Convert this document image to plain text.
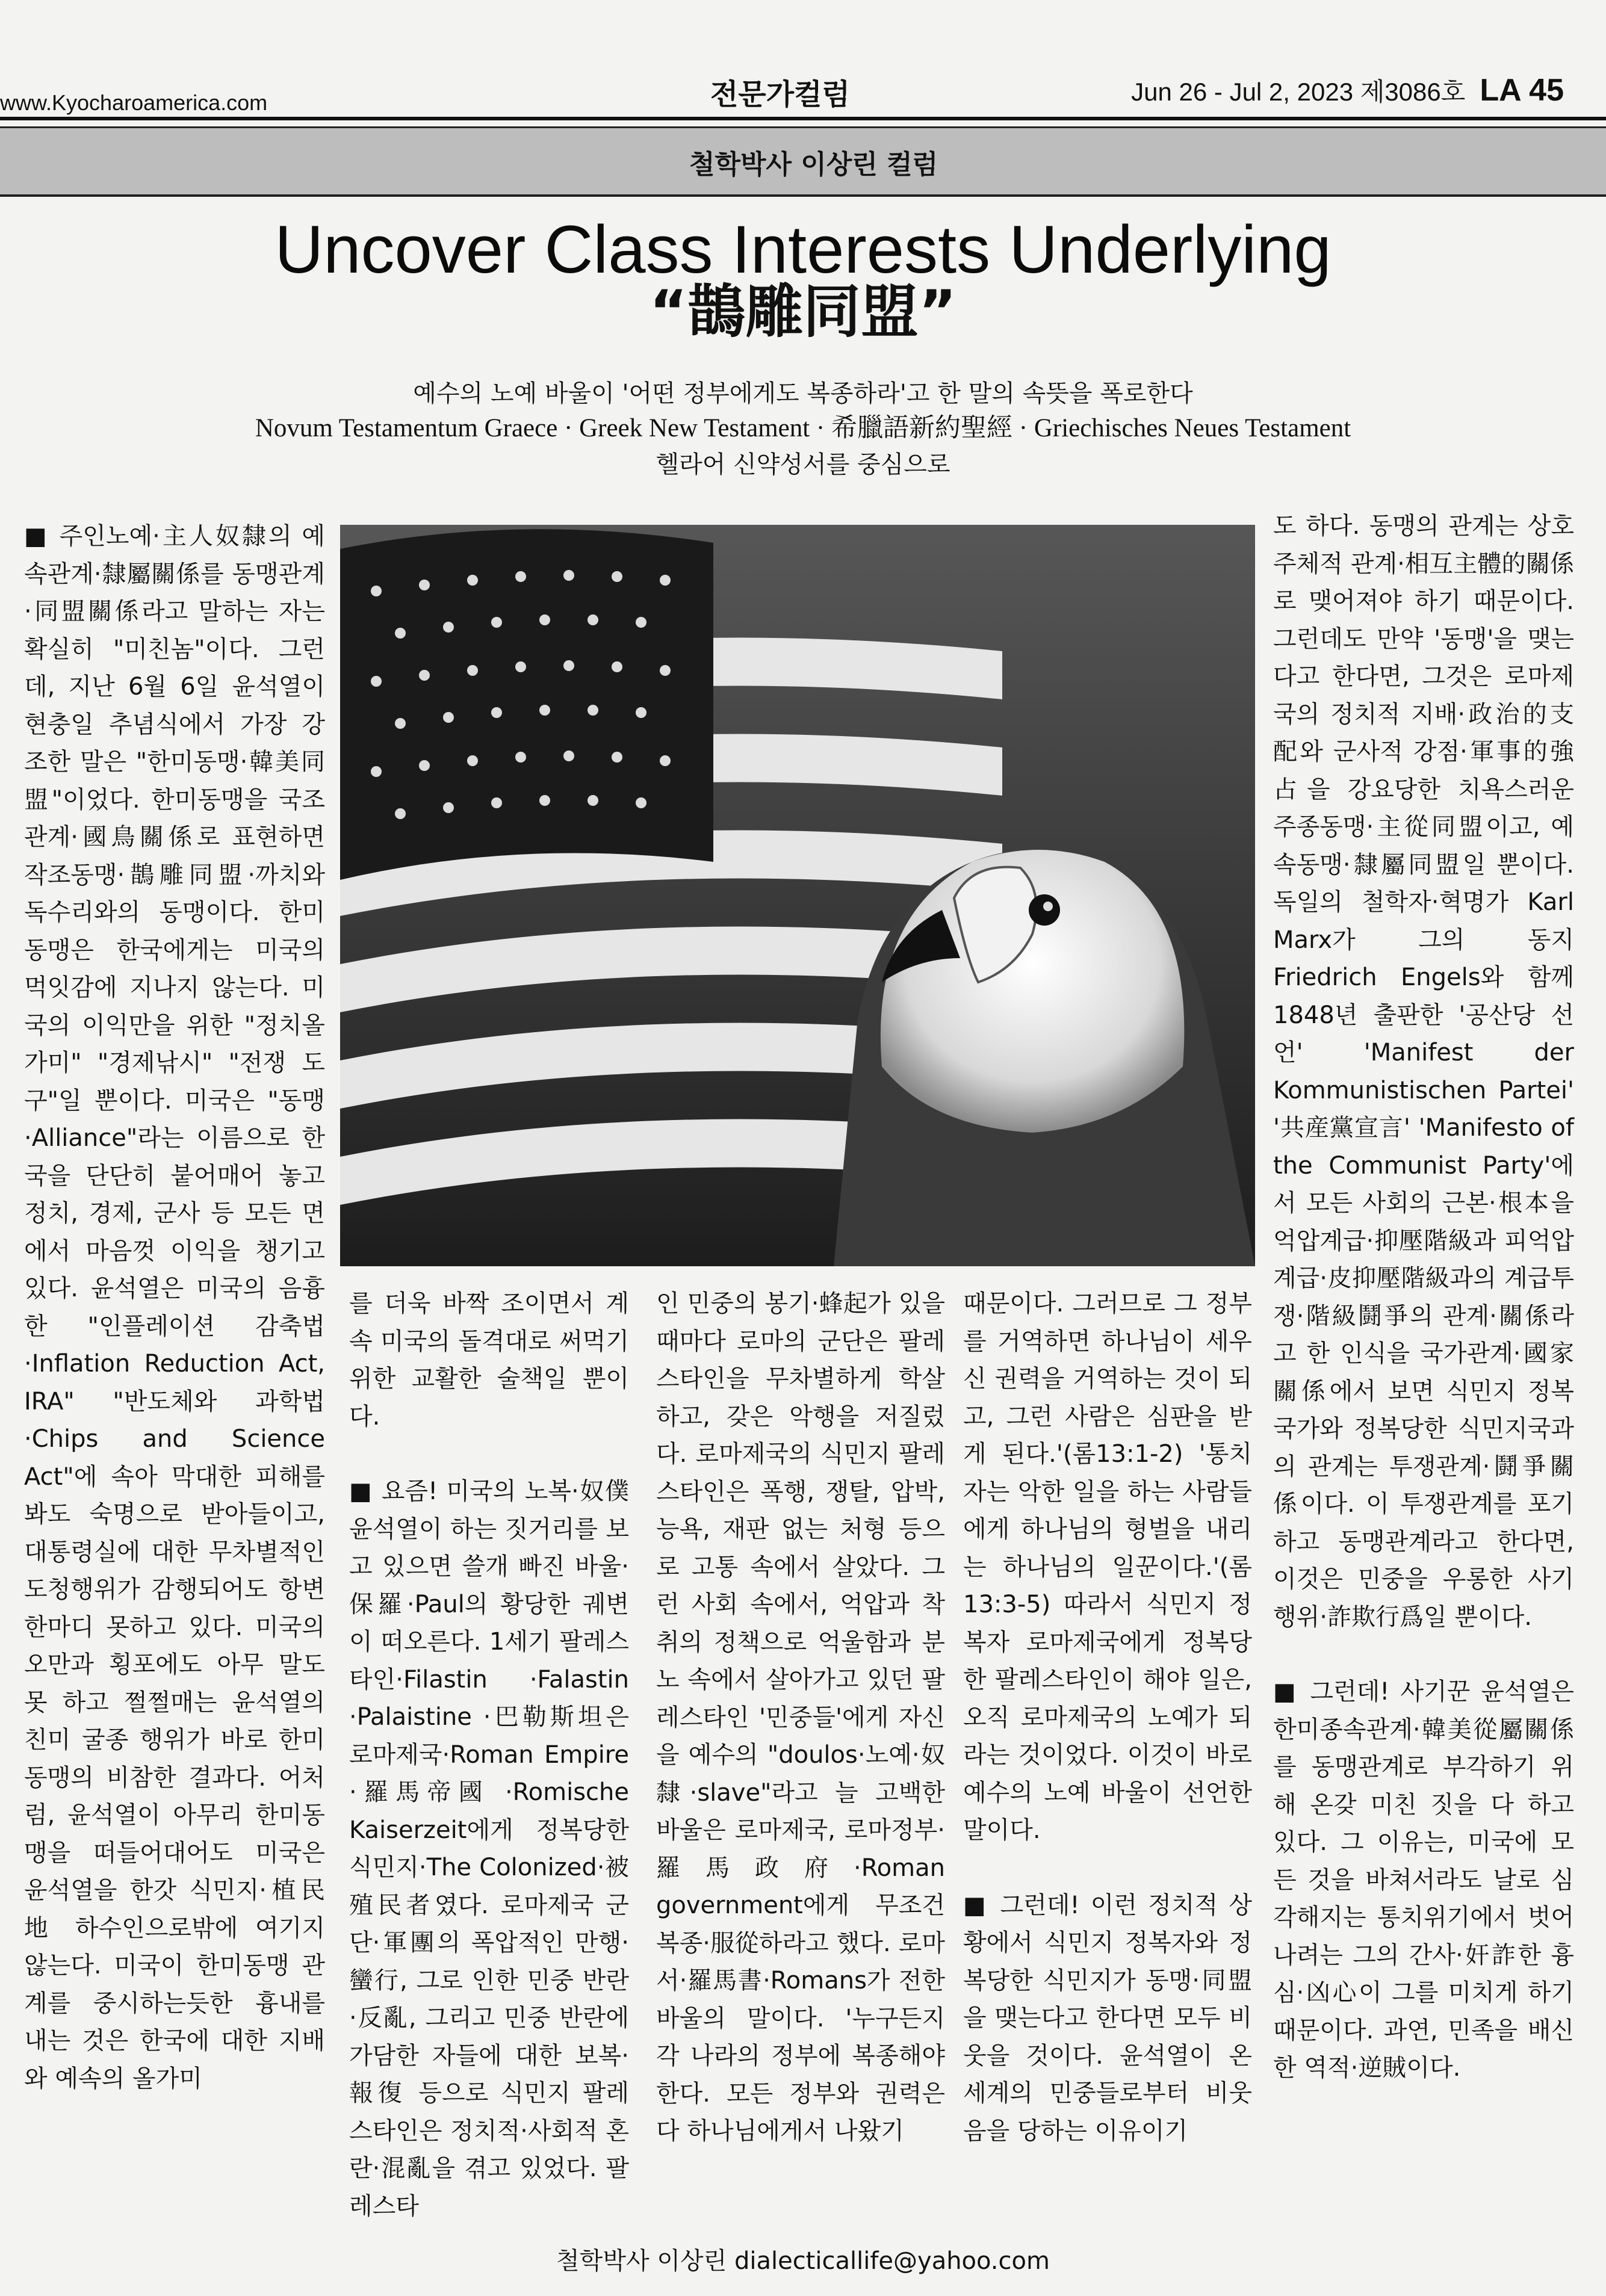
www.Kyocharoamerica.com	전문가컬럼	Jun 26 - Jul 2, 2023 제3086호 LA 45
철학박사 이상린 컬럼
Uncover Class Interests Underlying
“鵲雕同盟”
예수의 노예 바울이 '어떤 정부에게도 복종하라'고 한 말의 속뜻을 폭로한다
Novum Testamentum Graece · Greek New Testament · 希臘語新約聖經 · Griechisches Neues Testament
헬라어 신약성서를 중심으로

■ 주인노예·主人奴隸의 예속관계·隸屬關係를 동맹관계·同盟關係라고 말하는 자는 확실히 "미친놈"이다. 그런데, 지난 6월 6일 윤석열이 현충일 추념식에서 가장 강조한 말은 "한미동맹·韓美同盟"이었다. 한미동맹을 국조관계·國鳥關係로 표현하면 작조동맹·鵲雕同盟·까치와 독수리와의 동맹이다. 한미동맹은 한국에게는 미국의 먹잇감에 지나지 않는다. 미국의 이익만을 위한 "정치올가미" "경제낚시" "전쟁 도구"일 뿐이다. 미국은 "동맹·Alliance"라는 이름으로 한국을 단단히 붙어매어 놓고 정치, 경제, 군사 등 모든 면에서 마음껏 이익을 챙기고 있다. 윤석열은 미국의 음흉한 "인플레이션 감축법·Inflation Reduction Act, IRA" "반도체와 과학법·Chips and Science Act"에 속아 막대한 피해를 봐도 숙명으로 받아들이고, 대통령실에 대한 무차별적인 도청행위가 감행되어도 항변 한마디 못하고 있다. 미국의 오만과 횡포에도 아무 말도 못 하고 쩔쩔매는 윤석열의 친미 굴종 행위가 바로 한미동맹의 비참한 결과다. 어처럼, 윤석열이 아무리 한미동맹을 떠들어대어도 미국은 윤석열을 한갓 식민지·植民地 하수인으로밖에 여기지 않는다. 미국이 한미동맹 관계를 중시하는듯한 흉내를 내는 것은 한국에 대한 지배와 예속의 올가미

를 더욱 바짝 조이면서 계속 미국의 돌격대로 써먹기 위한 교활한 술책일 뿐이다.

■ 요즘! 미국의 노복·奴僕 윤석열이 하는 짓거리를 보고 있으면 쓸개 빠진 바울·保羅·Paul의 황당한 궤변이 떠오른다. 1세기 팔레스타인·Filastin ·Falastin ·Palaistine ·巴勒斯坦은 로마제국·Roman Empire ·羅馬帝國 ·Romische Kaiserzeit에게 정복당한 식민지·The Colonized·被殖民者였다. 로마제국 군단·軍團의 폭압적인 만행·蠻行, 그로 인한 민중 반란·反亂, 그리고 민중 반란에 가담한 자들에 대한 보복·報復 등으로 식민지 팔레스타인은 정치적·사회적 혼란·混亂을 겪고 있었다. 팔레스타

인 민중의 봉기·蜂起가 있을 때마다 로마의 군단은 팔레스타인을 무차별하게 학살하고, 갖은 악행을 저질렀다. 로마제국의 식민지 팔레스타인은 폭행, 쟁탈, 압박, 능욕, 재판 없는 처형 등으로 고통 속에서 살았다. 그런 사회 속에서, 억압과 착취의 정책으로 억울함과 분노 속에서 살아가고 있던 팔레스타인 '민중들'에게 자신을 예수의 "doulos·노예·奴隸·slave"라고 늘 고백한 바울은 로마제국, 로마정부·羅馬政府·Roman government에게 무조건 복종·服從하라고 했다. 로마서·羅馬書·Romans가 전한 바울의 말이다. '누구든지 각 나라의 정부에 복종해야 한다. 모든 정부와 권력은 다 하나님에게서 나왔기

때문이다. 그러므로 그 정부를 거역하면 하나님이 세우신 권력을 거역하는 것이 되고, 그런 사람은 심판을 받게 된다.'(롬13:1-2) '통치자는 악한 일을 하는 사람들에게 하나님의 형벌을 내리는 하나님의 일꾼이다.'(롬13:3-5) 따라서 식민지 정복자 로마제국에게 정복당한 팔레스타인이 해야 일은, 오직 로마제국의 노예가 되라는 것이었다. 이것이 바로 예수의 노예 바울이 선언한 말이다.

■ 그런데! 이런 정치적 상황에서 식민지 정복자와 정복당한 식민지가 동맹·同盟을 맺는다고 한다면 모두 비웃을 것이다. 윤석열이 온 세계의 민중들로부터 비웃음을 당하는 이유이기

도 하다. 동맹의 관계는 상호 주체적 관계·相互主體的關係로 맺어져야 하기 때문이다. 그런데도 만약 '동맹'을 맺는다고 한다면, 그것은 로마제국의 정치적 지배·政治的支配와 군사적 강점·軍事的強占을 강요당한 치욕스러운 주종동맹·主從同盟이고, 예속동맹·隸屬同盟일 뿐이다. 독일의 철학자·혁명가 Karl Marx가 그의 동지 Friedrich Engels와 함께 1848년 출판한 '공산당 선언' 'Manifest der Kommunistischen Partei' '共産黨宣言' 'Manifesto of the Communist Party'에서 모든 사회의 근본·根本을 억압계급·抑壓階級과 피억압계급·皮抑壓階級과의 계급투쟁·階級鬪爭의 관계·關係라고 한 인식을 국가관계·國家關係에서 보면 식민지 정복국가와 정복당한 식민지국과의 관계는 투쟁관계·鬪爭關係이다. 이 투쟁관계를 포기하고 동맹관계라고 한다면, 이것은 민중을 우롱한 사기행위·詐欺行爲일 뿐이다.

■ 그런데! 사기꾼 윤석열은 한미종속관계·韓美從屬關係를 동맹관계로 부각하기 위해 온갖 미친 짓을 다 하고 있다. 그 이유는, 미국에 모든 것을 바쳐서라도 날로 심각해지는 통치위기에서 벗어나려는 그의 간사·奸詐한 흉심·凶心이 그를 미치게 하기 때문이다. 과연, 민족을 배신한 역적·逆賊이다.

철학박사 이상린 dialecticallife@yahoo.com
